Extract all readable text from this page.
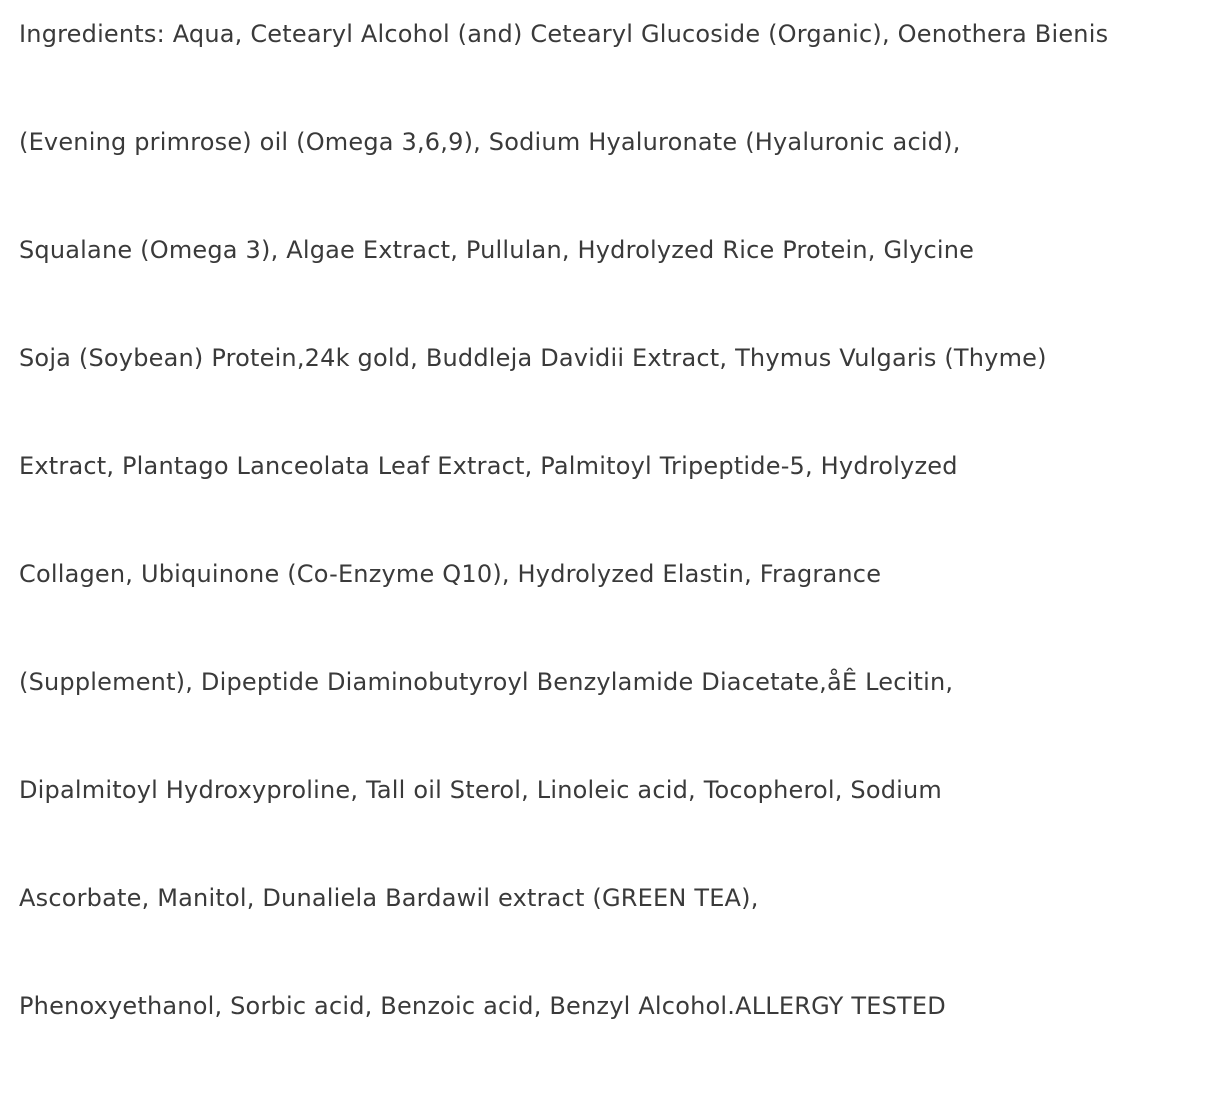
Ingredients: Aqua, Cetearyl Alcohol (and) Cetearyl Glucoside (Organic), Oenothera Bienis
(Evening primrose) oil (Omega 3,6,9), Sodium Hyaluronate (Hyaluronic acid),
Squalane (Omega 3), Algae Extract, Pullulan, Hydrolyzed Rice Protein, Glycine
Soja (Soybean) Protein,24k gold, Buddleja Davidii Extract, Thymus Vulgaris (Thyme)
Extract, Plantago Lanceolata Leaf Extract, Palmitoyl Tripeptide-5, Hydrolyzed
Collagen, Ubiquinone (Co-Enzyme Q10), Hydrolyzed Elastin, Fragrance
(Supplement), Dipeptide Diaminobutyroyl Benzylamide Diacetate,åÊ Lecitin,
Dipalmitoyl Hydroxyproline, Tall oil Sterol, Linoleic acid, Tocopherol, Sodium
Ascorbate, Manitol, Dunaliela Bardawil extract (GREEN TEA),
Phenoxyethanol, Sorbic acid, Benzoic acid, Benzyl Alcohol.ALLERGY TESTED
